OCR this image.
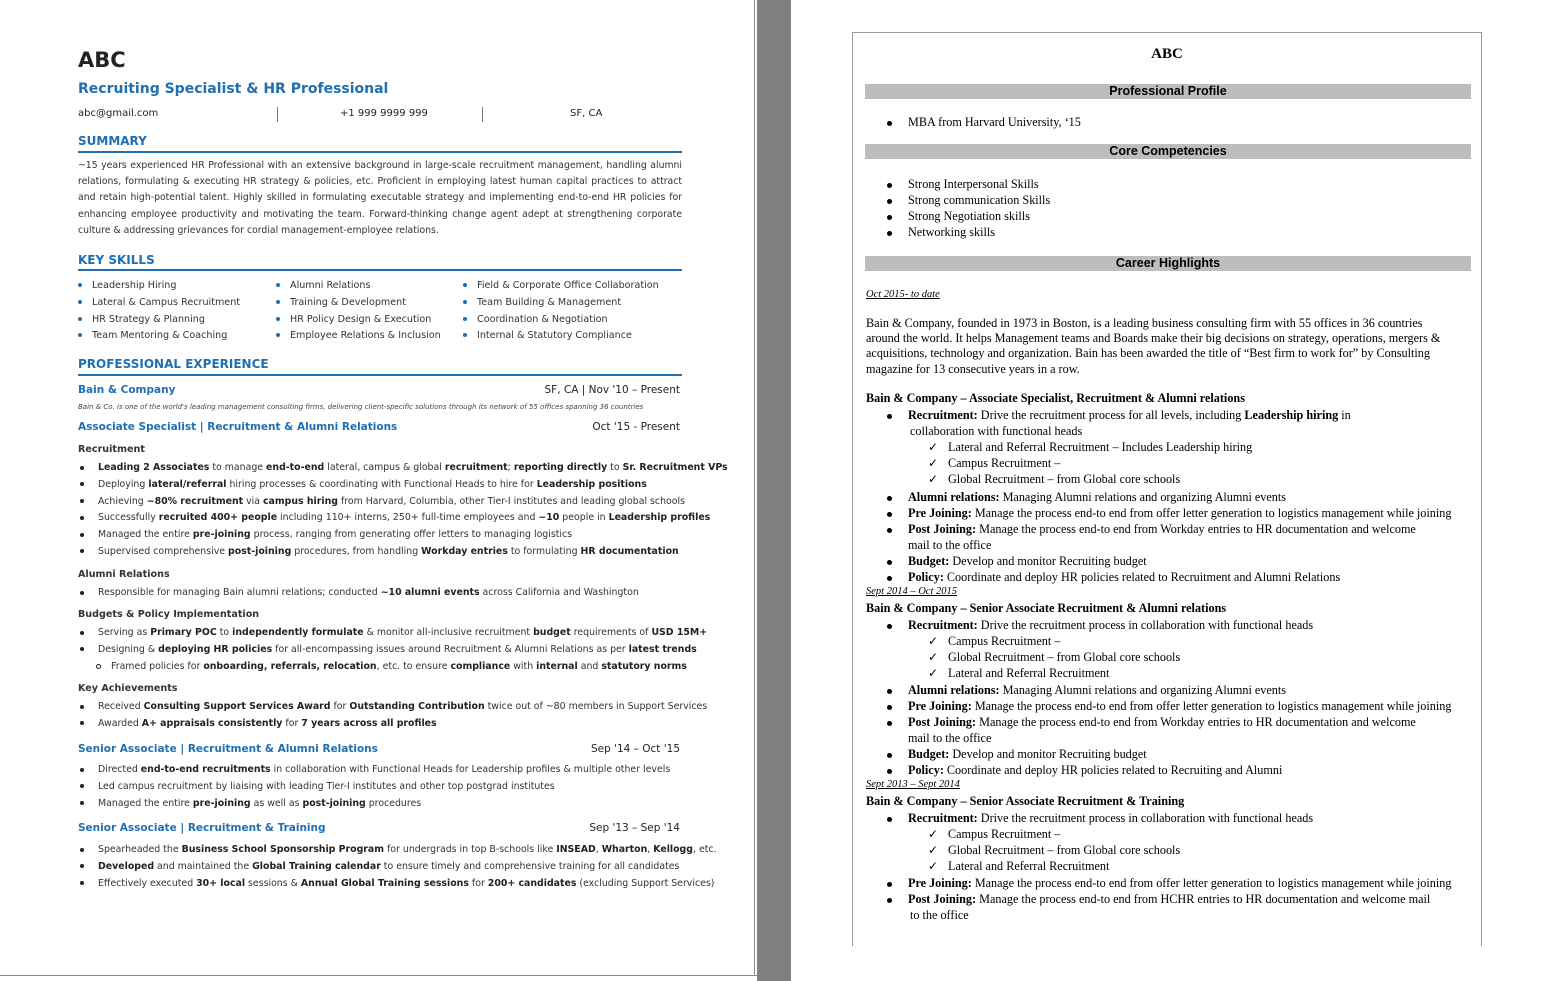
ABC
Recruiting Specialist & HR Professional
abc@gmail.com	+1 999 9999 999	SF, CA
SUMMARY
~15 years experienced HR Professional with an extensive background in large-scale recruitment management, handling alumni relations, formulating & executing HR strategy & policies, etc. Proficient in employing latest human capital practices to attract and retain high-potential talent. Highly skilled in formulating executable strategy and implementing end-to-end HR policies for enhancing employee productivity and motivating the team. Forward-thinking change agent adept at strengthening corporate culture & addressing grievances for cordial management-employee relations.
KEY SKILLS
Leadership Hiring
Lateral & Campus Recruitment
HR Strategy & Planning
Team Mentoring & Coaching
Alumni Relations
Training & Development
HR Policy Design & Execution
Employee Relations & Inclusion
Field & Corporate Office Collaboration
Team Building & Management
Coordination & Negotiation
Internal & Statutory Compliance
PROFESSIONAL EXPERIENCE
Bain & Company	SF, CA | Nov '10 – Present
Bain & Co. is one of the world's leading management consulting firms, delivering client-specific solutions through its network of 55 offices spanning 36 countries
Associate Specialist | Recruitment & Alumni Relations	Oct '15 - Present
Recruitment
Leading 2 Associates to manage end-to-end lateral, campus & global recruitment; reporting directly to Sr. Recruitment VPs
Deploying lateral/referral hiring processes & coordinating with Functional Heads to hire for Leadership positions
Achieving ~80% recruitment via campus hiring from Harvard, Columbia, other Tier-I institutes and leading global schools
Successfully recruited 400+ people including 110+ interns, 250+ full-time employees and ~10 people in Leadership profiles
Managed the entire pre-joining process, ranging from generating offer letters to managing logistics
Supervised comprehensive post-joining procedures, from handling Workday entries to formulating HR documentation
Alumni Relations
Responsible for managing Bain alumni relations; conducted ~10 alumni events across California and Washington
Budgets & Policy Implementation
Serving as Primary POC to independently formulate & monitor all-inclusive recruitment budget requirements of USD 15M+
Designing & deploying HR policies for all-encompassing issues around Recruitment & Alumni Relations as per latest trends
Framed policies for onboarding, referrals, relocation, etc. to ensure compliance with internal and statutory norms
Key Achievements
Received Consulting Support Services Award for Outstanding Contribution twice out of ~80 members in Support Services
Awarded A+ appraisals consistently for 7 years across all profiles
Senior Associate | Recruitment & Alumni Relations	Sep '14 – Oct '15
Directed end-to-end recruitments in collaboration with Functional Heads for Leadership profiles & multiple other levels
Led campus recruitment by liaising with leading Tier-I institutes and other top postgrad institutes
Managed the entire pre-joining as well as post-joining procedures
Senior Associate | Recruitment & Training	Sep '13 – Sep '14
Spearheaded the Business School Sponsorship Program for undergrads in top B-schools like INSEAD, Wharton, Kellogg, etc.
Developed and maintained the Global Training calendar to ensure timely and comprehensive training for all candidates
Effectively executed 30+ local sessions & Annual Global Training sessions for 200+ candidates (excluding Support Services)
ABC
Professional Profile
MBA from Harvard University, ‘15
Core Competencies
Strong Interpersonal Skills
Strong communication Skills
Strong Negotiation skills
Networking skills
Career Highlights
Oct 2015- to date
Bain & Company, founded in 1973 in Boston, is a leading business consulting firm with 55 offices in 36 countries around the world. It helps Management teams and Boards make their big decisions on strategy, operations, mergers & acquisitions, technology and organization. Bain has been awarded the title of “Best firm to work for” by Consulting magazine for 13 consecutive years in a row.
Bain & Company – Associate Specialist, Recruitment & Alumni relations
Recruitment: Drive the recruitment process for all levels, including Leadership hiring in
collaboration with functional heads
✓ Lateral and Referral Recruitment – Includes Leadership hiring
✓ Campus Recruitment –
✓ Global Recruitment – from Global core schools
Alumni relations: Managing Alumni relations and organizing Alumni events
Pre Joining: Manage the process end-to end from offer letter generation to logistics management while joining
Post Joining: Manage the process end-to end from Workday entries to HR documentation and welcome
mail to the office
Budget: Develop and monitor Recruiting budget
Policy: Coordinate and deploy HR policies related to Recruitment and Alumni Relations
Sept 2014 – Oct 2015
Bain & Company – Senior Associate Recruitment & Alumni relations
Recruitment: Drive the recruitment process in collaboration with functional heads
✓ Campus Recruitment –
✓ Global Recruitment – from Global core schools
✓ Lateral and Referral Recruitment
Alumni relations: Managing Alumni relations and organizing Alumni events
Pre Joining: Manage the process end-to end from offer letter generation to logistics management while joining
Post Joining: Manage the process end-to end from Workday entries to HR documentation and welcome
mail to the office
Budget: Develop and monitor Recruiting budget
Policy: Coordinate and deploy HR policies related to Recruiting and Alumni
Sept 2013 – Sept 2014
Bain & Company – Senior Associate Recruitment & Training
Recruitment: Drive the recruitment process in collaboration with functional heads
✓ Campus Recruitment –
✓ Global Recruitment – from Global core schools
✓ Lateral and Referral Recruitment
Pre Joining: Manage the process end-to end from offer letter generation to logistics management while joining
Post Joining: Manage the process end-to end from HCHR entries to HR documentation and welcome mail
to the office
